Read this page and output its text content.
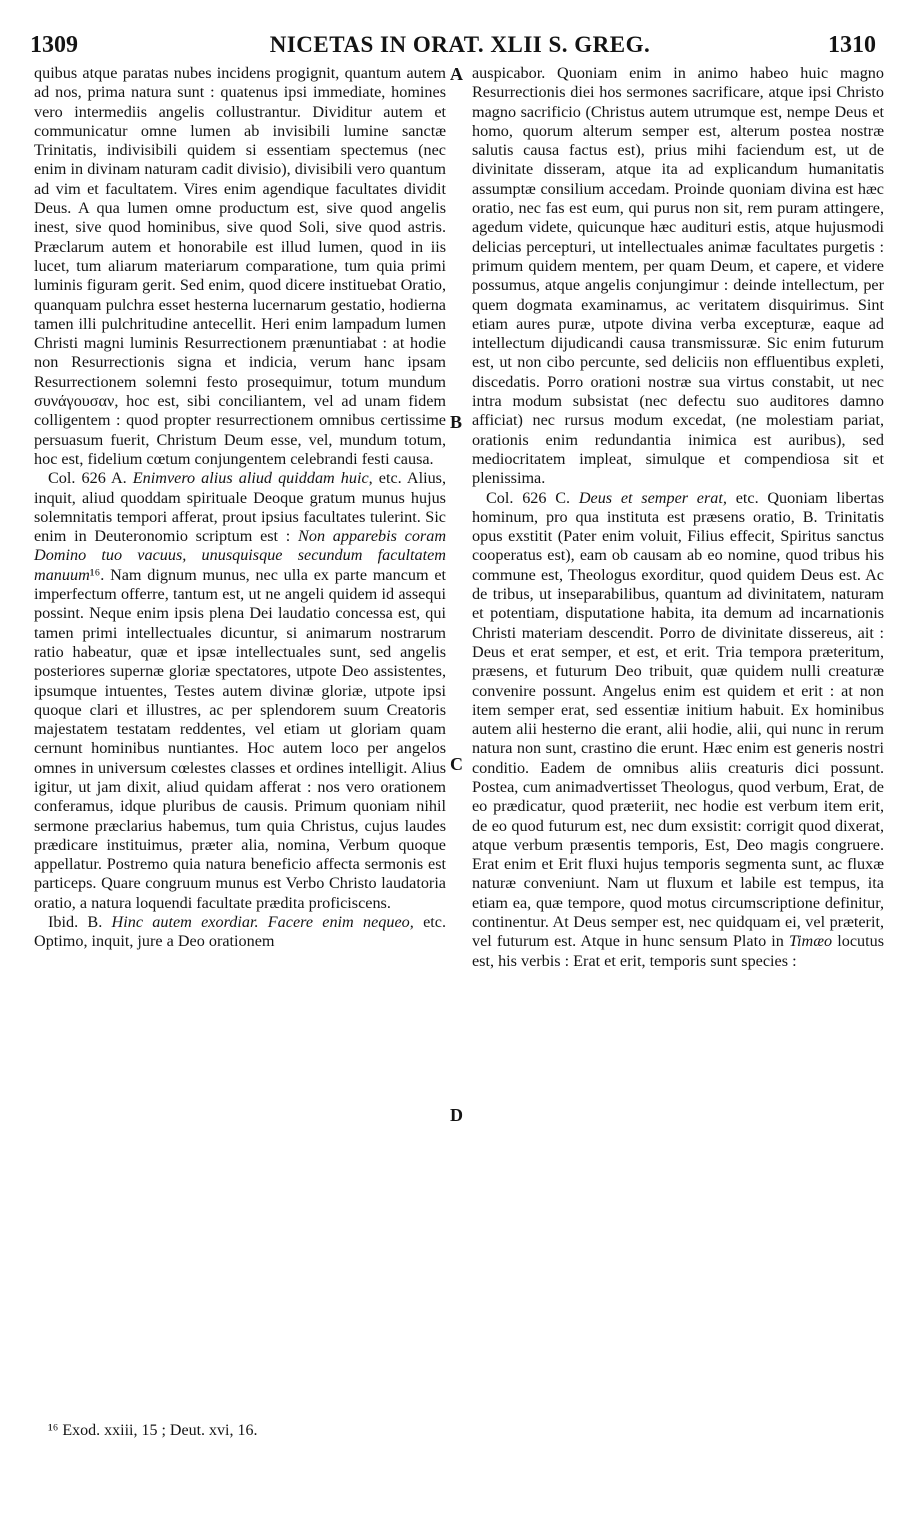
1309	NICETAS IN ORAT. XLII S. GREG.	1310
A
B
C
D

quibus atque paratas nubes incidens progignit, quantum autem ad nos, prima natura sunt : quatenus ipsi immediate, homines vero intermediis angelis collustrantur. Dividitur autem et communicatur omne lumen ab invisibili lumine sanctæ Trinitatis, indivisibili quidem si essentiam spectemus (nec enim in divinam naturam cadit divisio), divisibili vero quantum ad vim et facultatem. Vires enim agendique facultates dividit Deus. A qua lumen omne productum est, sive quod angelis inest, sive quod hominibus, sive quod Soli, sive quod astris. Præclarum autem et honorabile est illud lumen, quod in iis lucet, tum aliarum materiarum comparatione, tum quia primi luminis figuram gerit. Sed enim, quod dicere instituebat Oratio, quanquam pulchra esset hesterna lucernarum gestatio, hodierna tamen illi pulchritudine antecellit. Heri enim lampadum lumen Christi magni luminis Resurrectionem prænuntiabat : at hodie non Resurrectionis signa et indicia, verum hanc ipsam Resurrectionem solemni festo prosequimur, totum mundum συνάγουσαν, hoc est, sibi conciliantem, vel ad unam fidem colligentem : quod propter resurrectionem omnibus certissime persuasum fuerit, Christum Deum esse, vel, mundum totum, hoc est, fidelium cœtum conjungentem celebrandi festi causa.

Col. 626 A. Enimvero alius aliud quiddam huic, etc. Alius, inquit, aliud quoddam spirituale Deoque gratum munus hujus solemnitatis tempori afferat, prout ipsius facultates tulerint. Sic enim in Deuteronomio scriptum est : Non apparebis coram Domino tuo vacuus, unusquisque secundum facultatem manuum¹⁶. Nam dignum munus, nec ulla ex parte mancum et imperfectum offerre, tantum est, ut ne angeli quidem id assequi possint. Neque enim ipsis plena Dei laudatio concessa est, qui tamen primi intellectuales dicuntur, si animarum nostrarum ratio habeatur, quæ et ipsæ intellectuales sunt, sed angelis posteriores supernæ gloriæ spectatores, utpote Deo assistentes, ipsumque intuentes, Testes autem divinæ gloriæ, utpote ipsi quoque clari et illustres, ac per splendorem suum Creatoris majestatem testatam reddentes, vel etiam ut gloriam quam cernunt hominibus nuntiantes. Hoc autem loco per angelos omnes in universum cœlestes classes et ordines intelligit. Alius igitur, ut jam dixit, aliud quidam afferat : nos vero orationem conferamus, idque pluribus de causis. Primum quoniam nihil sermone præclarius habemus, tum quia Christus, cujus laudes prædicare instituimus, præter alia, nomina, Verbum quoque appellatur. Postremo quia natura beneficio affecta sermonis est particeps. Quare congruum munus est Verbo Christo laudatoria oratio, a natura loquendi facultate prædita proficiscens.

Ibid. B. Hinc autem exordiar. Facere enim nequeo, etc. Optimo, inquit, jure a Deo orationem

auspicabor. Quoniam enim in animo habeo huic magno Resurrectionis diei hos sermones sacrificare, atque ipsi Christo magno sacrificio (Christus autem utrumque est, nempe Deus et homo, quorum alterum semper est, alterum postea nostræ salutis causa factus est), prius mihi faciendum est, ut de divinitate disseram, atque ita ad explicandum humanitatis assumptæ consilium accedam. Proinde quoniam divina est hæc oratio, nec fas est eum, qui purus non sit, rem puram attingere, agedum videte, quicunque hæc audituri estis, atque hujusmodi delicias percepturi, ut intellectuales animæ facultates purgetis : primum quidem mentem, per quam Deum, et capere, et videre possumus, atque angelis conjungimur : deinde intellectum, per quem dogmata examinamus, ac veritatem disquirimus. Sint etiam aures puræ, utpote divina verba excepturæ, eaque ad intellectum dijudicandi causa transmissuræ. Sic enim futurum est, ut non cibo percunte, sed deliciis non effluentibus expleti, discedatis. Porro orationi nostræ sua virtus constabit, ut nec intra modum subsistat (nec defectu suo auditores damno afficiat) nec rursus modum excedat, (ne molestiam pariat, orationis enim redundantia inimica est auribus), sed mediocritatem impleat, simulque et compendiosa sit et plenissima.

Col. 626 C. Deus et semper erat, etc. Quoniam libertas hominum, pro qua instituta est præsens oratio, B. Trinitatis opus exstitit (Pater enim voluit, Filius effecit, Spiritus sanctus cooperatus est), eam ob causam ab eo nomine, quod tribus his commune est, Theologus exorditur, quod quidem Deus est. Ac de tribus, ut inseparabilibus, quantum ad divinitatem, naturam et potentiam, disputatione habita, ita demum ad incarnationis Christi materiam descendit. Porro de divinitate dissereus, ait : Deus et erat semper, et est, et erit. Tria tempora præteritum, præsens, et futurum Deo tribuit, quæ quidem nulli creaturæ convenire possunt. Angelus enim est quidem et erit : at non item semper erat, sed essentiæ initium habuit. Ex hominibus autem alii hesterno die erant, alii hodie, alii, qui nunc in rerum natura non sunt, crastino die erunt. Hæc enim est generis nostri conditio. Eadem de omnibus aliis creaturis dici possunt. Postea, cum animadvertisset Theologus, quod verbum, Erat, de eo prædicatur, quod præteriit, nec hodie est verbum item erit, de eo quod futurum est, nec dum exsistit: corrigit quod dixerat, atque verbum præsentis temporis, Est, Deo magis congruere. Erat enim et Erit fluxi hujus temporis segmenta sunt, ac fluxæ naturæ conveniunt. Nam ut fluxum et labile est tempus, ita etiam ea, quæ tempore, quod motus circumscriptione definitur, continentur. At Deus semper est, nec quidquam ei, vel præterit, vel futurum est. Atque in hunc sensum Plato in Timæo locutus est, his verbis : Erat et erit, temporis sunt species :

¹⁶ Exod. xxiii, 15 ; Deut. xvi, 16.
